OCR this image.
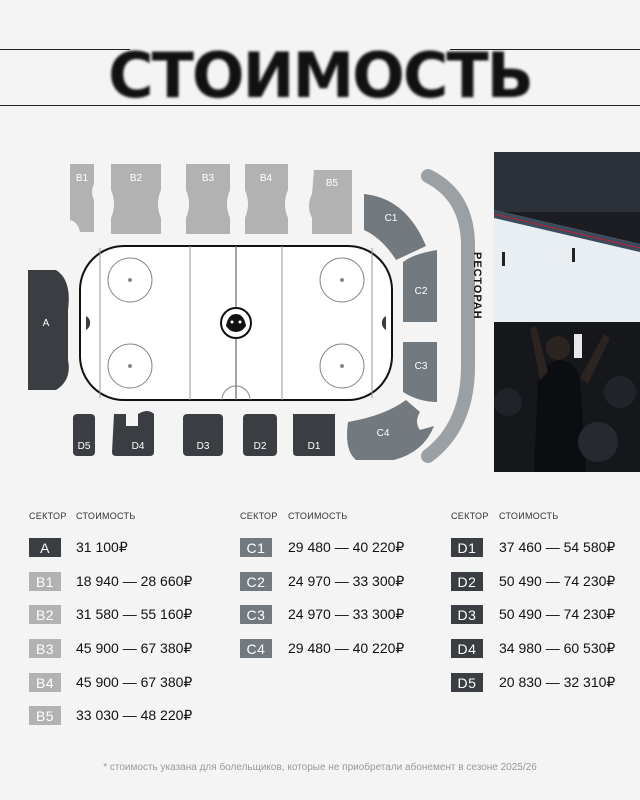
СТОИМОСТЬ
B1	B2	B3	B4	B5
C1
C2
C3
C4
A
D5	D4	D3	D2	D1
РЕСТОРАН
СЕКТОР СТОИМОСТЬ	СЕКТОР СТОИМОСТЬ	СЕКТОР СТОИМОСТЬ
A	31 100₽
B1	18 940 — 28 660₽
B2	31 580 — 55 160₽
B3	45 900 — 67 380₽
B4	45 900 — 67 380₽
B5	33 030 — 48 220₽
C1	29 480 — 40 220₽
C2	24 970 — 33 300₽
C3	24 970 — 33 300₽
C4	29 480 — 40 220₽
D1	37 460 — 54 580₽
D2	50 490 — 74 230₽
D3	50 490 — 74 230₽
D4	34 980 — 60 530₽
D5	20 830 — 32 310₽
* стоимость указана для болельщиков, которые не приобретали абонемент в сезоне 2025/26
